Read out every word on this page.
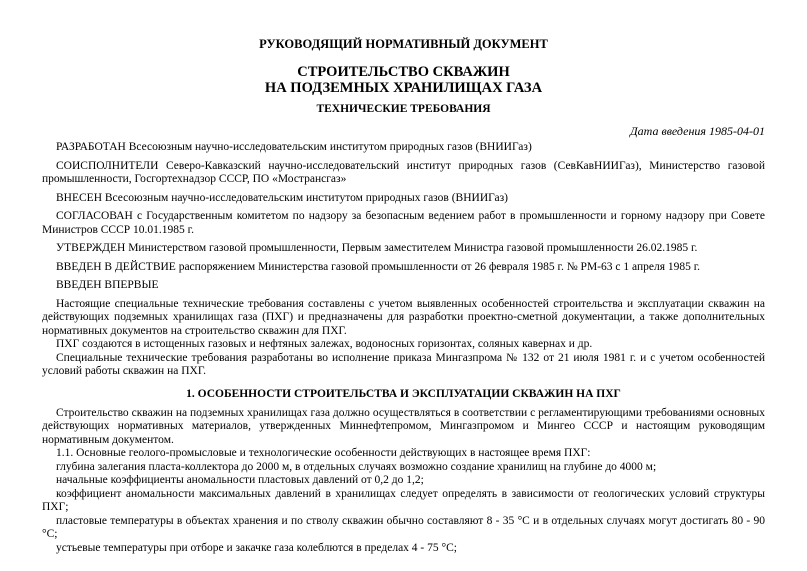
РУКОВОДЯЩИЙ НОРМАТИВНЫЙ ДОКУМЕНТ
СТРОИТЕЛЬСТВО СКВАЖИН
НА ПОДЗЕМНЫХ ХРАНИЛИЩАХ ГАЗА
ТЕХНИЧЕСКИЕ ТРЕБОВАНИЯ
Дата введения 1985-04-01

РАЗРАБОТАН Всесоюзным научно-исследовательским институтом природных газов (ВНИИГаз)

СОИСПОЛНИТЕЛИ Северо-Кавказский научно-исследовательский институт природных газов (СевКавНИИГаз), Министерство газовой промышленности, Госгортехнадзор СССР, ПО «Мострансгаз»

ВНЕСЕН Всесоюзным научно-исследовательским институтом природных газов (ВНИИГаз)

СОГЛАСОВАН с Государственным комитетом по надзору за безопасным ведением работ в промышленности и горному надзору при Совете Министров СССР 10.01.1985 г.

УТВЕРЖДЕН Министерством газовой промышленности, Первым заместителем Министра газовой промышленности 26.02.1985 г.

ВВЕДЕН В ДЕЙСТВИЕ распоряжением Министерства газовой промышленности от 26 февраля 1985 г. № РМ-63 с 1 апреля 1985 г.

ВВЕДЕН ВПЕРВЫЕ

Настоящие специальные технические требования составлены с учетом выявленных особенностей строительства и эксплуатации скважин на действующих подземных хранилищах газа (ПХГ) и предназначены для разработки проектно-сметной документации, а также дополнительных нормативных документов на строительство скважин для ПХГ.

ПХГ создаются в истощенных газовых и нефтяных залежах, водоносных горизонтах, соляных кавернах и др.

Специальные технические требования разработаны во исполнение приказа Мингазпрома № 132 от 21 июля 1981 г. и с учетом особенностей условий работы скважин на ПХГ.

1. ОСОБЕННОСТИ СТРОИТЕЛЬСТВА И ЭКСПЛУАТАЦИИ СКВАЖИН НА ПХГ

Строительство скважин на подземных хранилищах газа должно осуществляться в соответствии с регламентирующими требованиями основных действующих нормативных материалов, утвержденных Миннефтепромом, Мингазпромом и Мингео СССР и настоящим руководящим нормативным документом.

1.1. Основные геолого-промысловые и технологические особенности действующих в настоящее время ПХГ:

глубина залегания пласта-коллектора до 2000 м, в отдельных случаях возможно создание хранилищ на глубине до 4000 м;

начальные коэффициенты аномальности пластовых давлений от 0,2 до 1,2;

коэффициент аномальности максимальных давлений в хранилищах следует определять в зависимости от геологических условий структуры ПХГ;

пластовые температуры в объектах хранения и по стволу скважин обычно составляют 8 - 35 °С и в отдельных случаях могут достигать 80 - 90 °С;

устьевые температуры при отборе и закачке газа колеблются в пределах 4 - 75 °С;
